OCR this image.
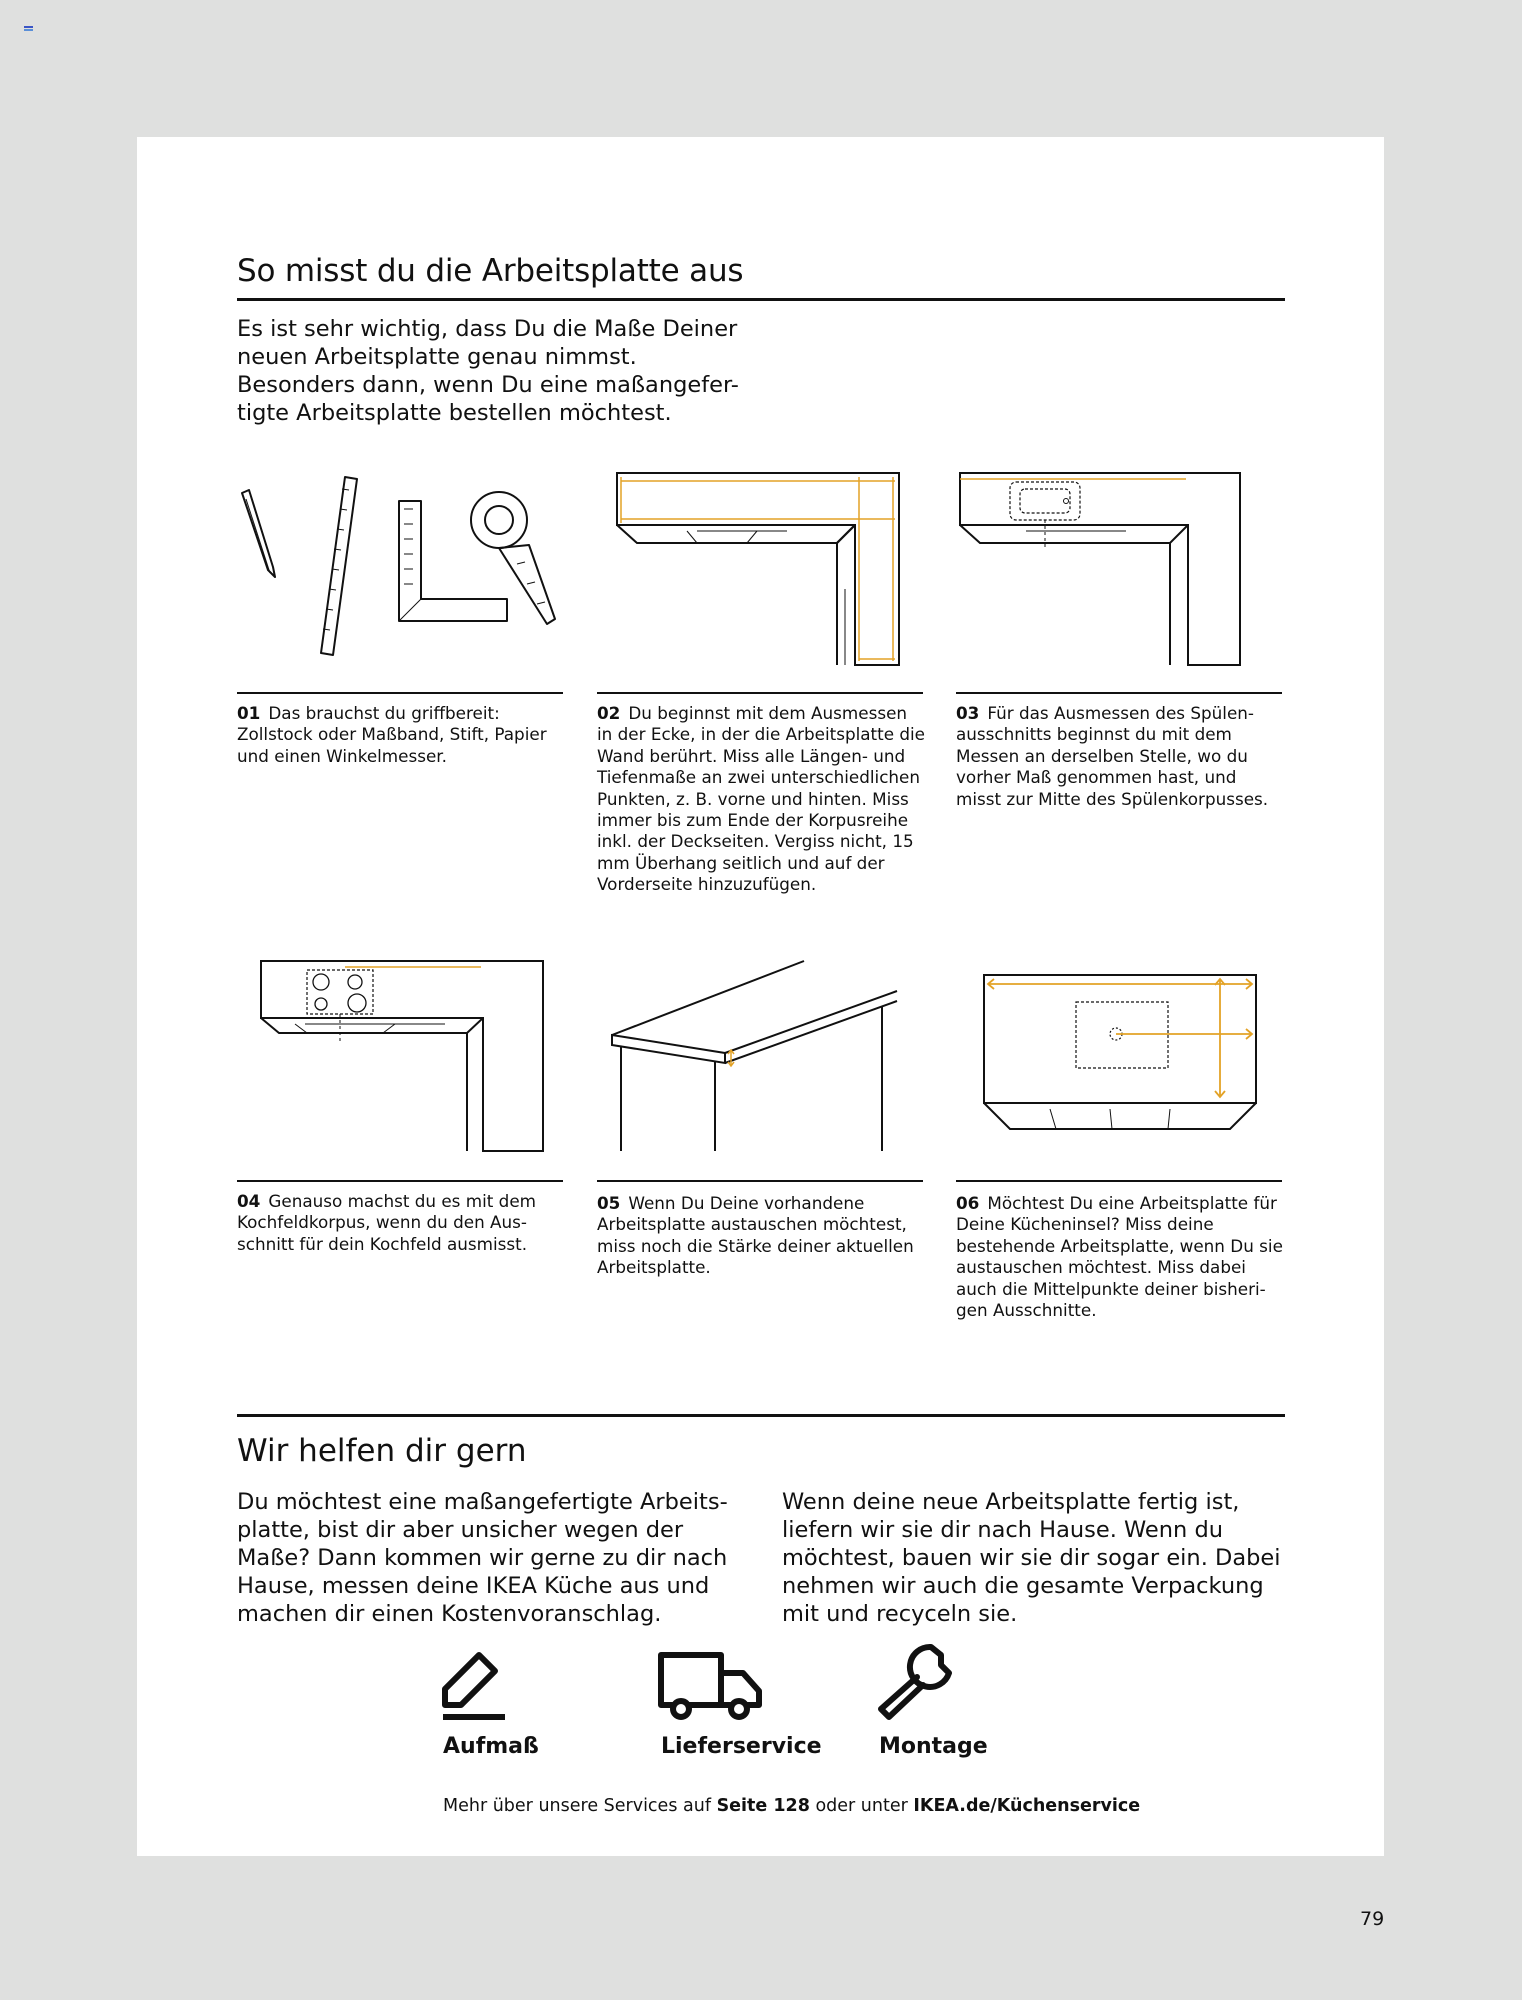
So misst du die Arbeitsplatte aus

Es ist sehr wichtig, dass Du die Maße Deiner neuen Arbeitsplatte genau nimmst. Besonders dann, wenn Du eine maßangefer- tigte Arbeitsplatte bestellen möchtest.

01 Das brauchst du griffbereit: Zollstock oder Maßband, Stift, Papier und einen Winkelmesser.

02 Du beginnst mit dem Ausmessen in der Ecke, in der die Arbeitsplatte die Wand berührt. Miss alle Längen- und Tiefenmaße an zwei unterschiedlichen Punkten, z. B. vorne und hinten. Miss immer bis zum Ende der Korpusreihe inkl. der Deckseiten. Vergiss nicht, 15 mm Überhang seitlich und auf der Vorderseite hinzuzufügen.

03 Für das Ausmessen des Spülen- ausschnitts beginnst du mit dem Messen an derselben Stelle, wo du vorher Maß genommen hast, und misst zur Mitte des Spülenkorpusses.

04 Genauso machst du es mit dem Kochfeldkorpus, wenn du den Aus- schnitt für dein Kochfeld ausmisst.

05 Wenn Du Deine vorhandene Arbeitsplatte austauschen möchtest, miss noch die Stärke deiner aktuellen Arbeitsplatte.

06 Möchtest Du eine Arbeitsplatte für Deine Kücheninsel? Miss deine bestehende Arbeitsplatte, wenn Du sie austauschen möchtest. Miss dabei auch die Mittelpunkte deiner bisheri- gen Ausschnitte.

Wir helfen dir gern

Du möchtest eine maßangefertigte Arbeits- platte, bist dir aber unsicher wegen der Maße? Dann kommen wir gerne zu dir nach Hause, messen deine IKEA Küche aus und machen dir einen Kostenvoranschlag.

Wenn deine neue Arbeitsplatte fertig ist, liefern wir sie dir nach Hause. Wenn du möchtest, bauen wir sie dir sogar ein. Dabei nehmen wir auch die gesamte Verpackung mit und recyceln sie.

Aufmaß	Lieferservice	Montage
Mehr über unsere Services auf Seite 128 oder unter IKEA.de/Küchenservice
79
